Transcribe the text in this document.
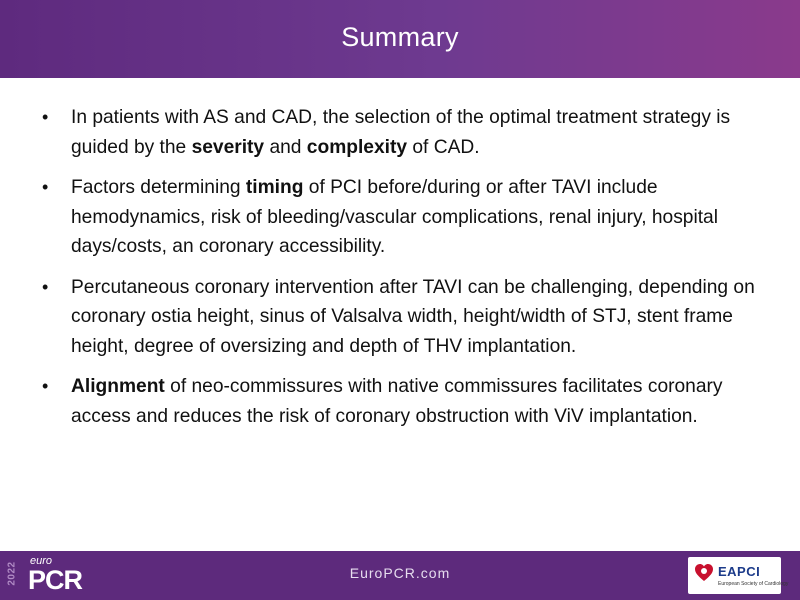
Summary
• In patients with AS and CAD, the selection of the optimal treatment strategy is guided by the severity and complexity of CAD.
• Factors determining timing of PCI before/during or after TAVI include hemodynamics, risk of bleeding/vascular complications, renal injury, hospital days/costs, an coronary accessibility.
• Percutaneous coronary intervention after TAVI can be challenging, depending on coronary ostia height, sinus of Valsalva width, height/width of STJ, stent frame height, degree of oversizing and depth of THV implantation.
• Alignment of neo-commissures with native commissures facilitates coronary access and reduces the risk of coronary obstruction with ViV implantation.
2022
euro
PCR	EuroPCR.com	EAPCI
European Society of Cardiology
